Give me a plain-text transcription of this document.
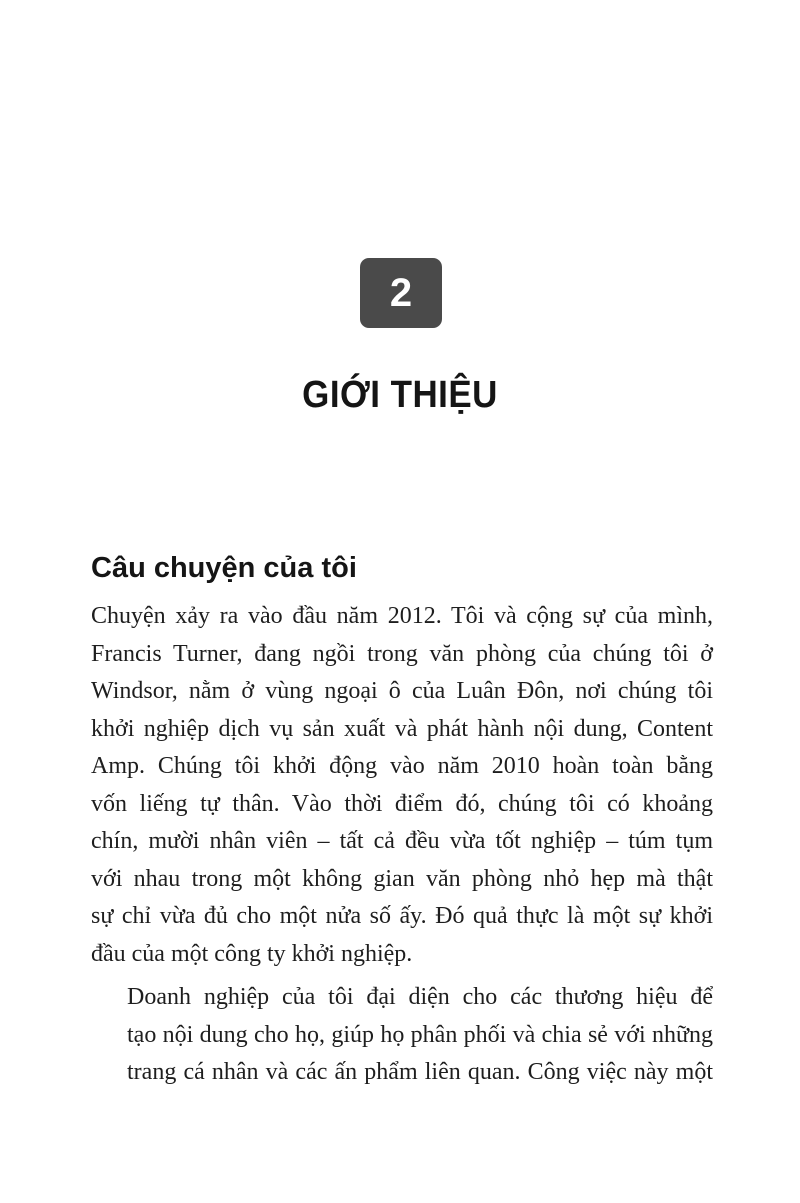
2
GIỚI THIỆU
Câu chuyện của tôi

Chuyện xảy ra vào đầu năm 2012. Tôi và cộng sự của mình,
Francis Turner, đang ngồi trong văn phòng của chúng tôi ở
Windsor, nằm ở vùng ngoại ô của Luân Đôn, nơi chúng tôi
khởi nghiệp dịch vụ sản xuất và phát hành nội dung, Content
Amp. Chúng tôi khởi động vào năm 2010 hoàn toàn bằng
vốn liếng tự thân. Vào thời điểm đó, chúng tôi có khoảng
chín, mười nhân viên – tất cả đều vừa tốt nghiệp – túm tụm
với nhau trong một không gian văn phòng nhỏ hẹp mà thật
sự chỉ vừa đủ cho một nửa số ấy. Đó quả thực là một sự khởi
đầu của một công ty khởi nghiệp.

Doanh nghiệp của tôi đại diện cho các thương hiệu để
tạo nội dung cho họ, giúp họ phân phối và chia sẻ với những
trang cá nhân và các ấn phẩm liên quan. Công việc này một
